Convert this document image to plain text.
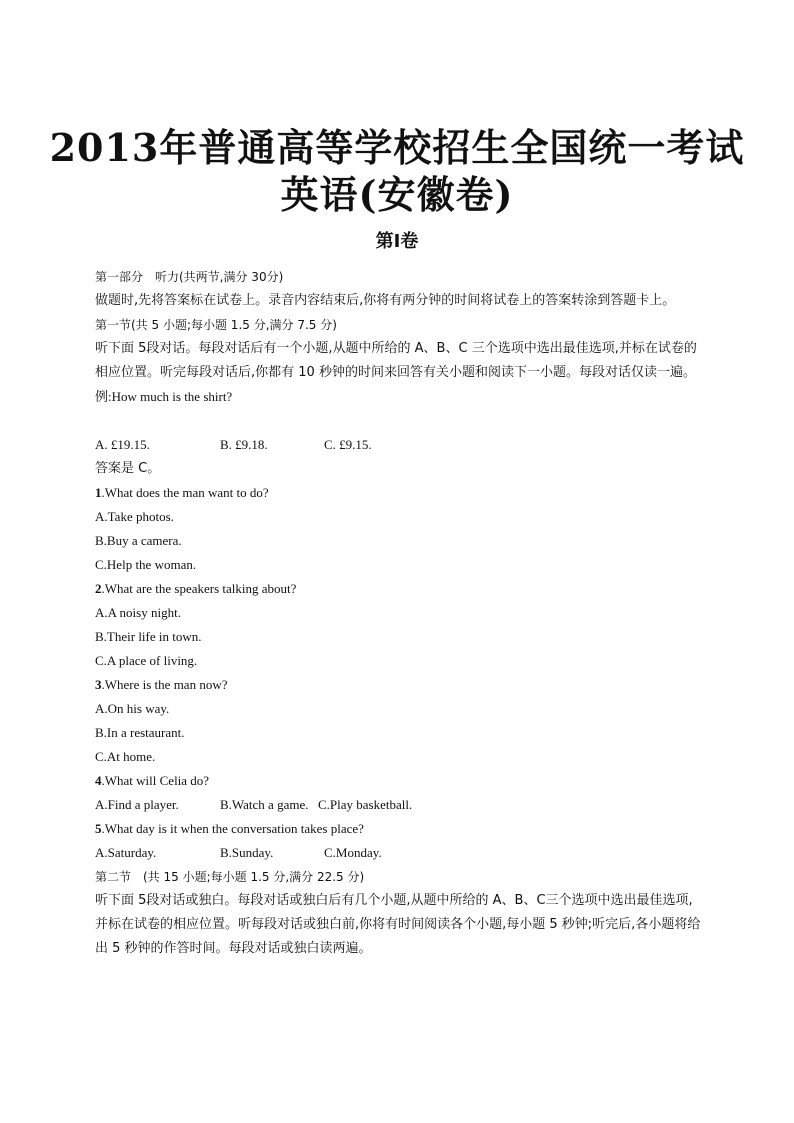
2013年普通高等学校招生全国统一考试
英语(安徽卷)
第Ⅰ卷
第一部分　听力(共两节,满分 30分)
做题时,先将答案标在试卷上。录音内容结束后,你将有两分钟的时间将试卷上的答案转涂到答题卡上。
第一节(共 5 小题;每小题 1.5 分,满分 7.5 分)
听下面 5段对话。每段对话后有一个小题,从题中所给的 A、B、C 三个选项中选出最佳选项,并标在试卷的相应位置。听完每段对话后,你都有 10 秒钟的时间来回答有关小题和阅读下一小题。每段对话仅读一遍。
例:How much is the shirt?
A. £19.15.	B. £9.18.	C. £9.15.
答案是 C。
1.What does the man want to do?
A.Take photos.
B.Buy a camera.
C.Help the woman.
2.What are the speakers talking about?
A.A noisy night.
B.Their life in town.
C.A place of living.
3.Where is the man now?
A.On his way.
B.In a restaurant.
C.At home.
4.What will Celia do?
A.Find a player.	B.Watch a game. C.Play basketball.
5.What day is it when the conversation takes place?
A.Saturday.	B.Sunday.	C.Monday.
第二节　(共 15 小题;每小题 1.5 分,满分 22.5 分)
听下面 5段对话或独白。每段对话或独白后有几个小题,从题中所给的 A、B、C三个选项中选出最佳选项,并标在试卷的相应位置。听每段对话或独白前,你将有时间阅读各个小题,每小题 5 秒钟;听完后,各小题将给出 5 秒钟的作答时间。每段对话或独白读两遍。
